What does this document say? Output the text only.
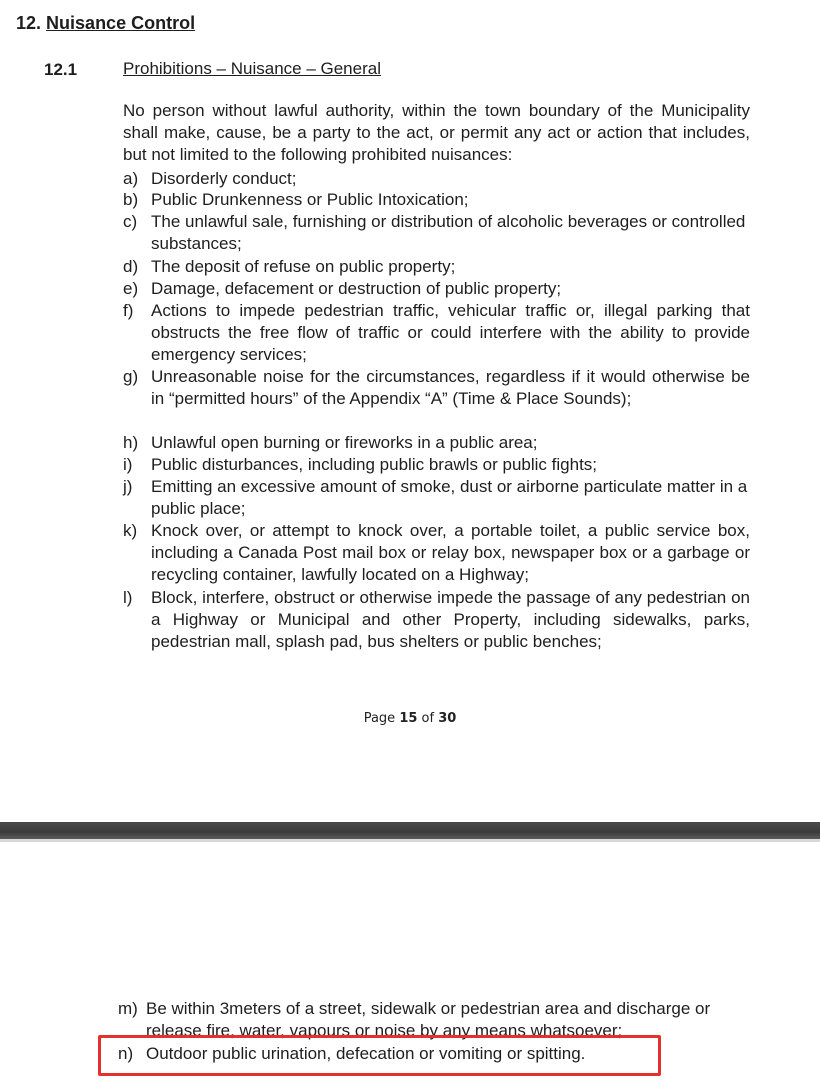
12. Nuisance Control
12.1	Prohibitions – Nuisance – General
No person without lawful authority, within the town boundary of the Municipality shall make, cause, be a party to the act, or permit any act or action that includes, but not limited to the following prohibited nuisances:
a) Disorderly conduct;
b) Public Drunkenness or Public Intoxication;
c) The unlawful sale, furnishing or distribution of alcoholic beverages or controlled substances;
d) The deposit of refuse on public property;
e) Damage, defacement or destruction of public property;
f)	Actions to impede pedestrian traffic, vehicular traffic or, illegal parking that obstructs the free flow of traffic or could interfere with the ability to provide emergency services;
g) Unreasonable noise for the circumstances, regardless if it would otherwise be in “permitted hours” of the Appendix “A” (Time & Place Sounds);
h) Unlawful open burning or fireworks in a public area;
i)	Public disturbances, including public brawls or public fights;
j)	Emitting an excessive amount of smoke, dust or airborne particulate matter in a public place;
k) Knock over, or attempt to knock over, a portable toilet, a public service box, including a Canada Post mail box or relay box, newspaper box or a garbage or recycling container, lawfully located on a Highway;
l)	Block, interfere, obstruct or otherwise impede the passage of any pedestrian on a Highway or Municipal and other Property, including sidewalks, parks, pedestrian mall, splash pad, bus shelters or public benches;
Page 15 of 30
m) Be within 3meters of a street, sidewalk or pedestrian area and discharge or release fire, water, vapours or noise by any means whatsoever;
n) Outdoor public urination, defecation or vomiting or spitting.
